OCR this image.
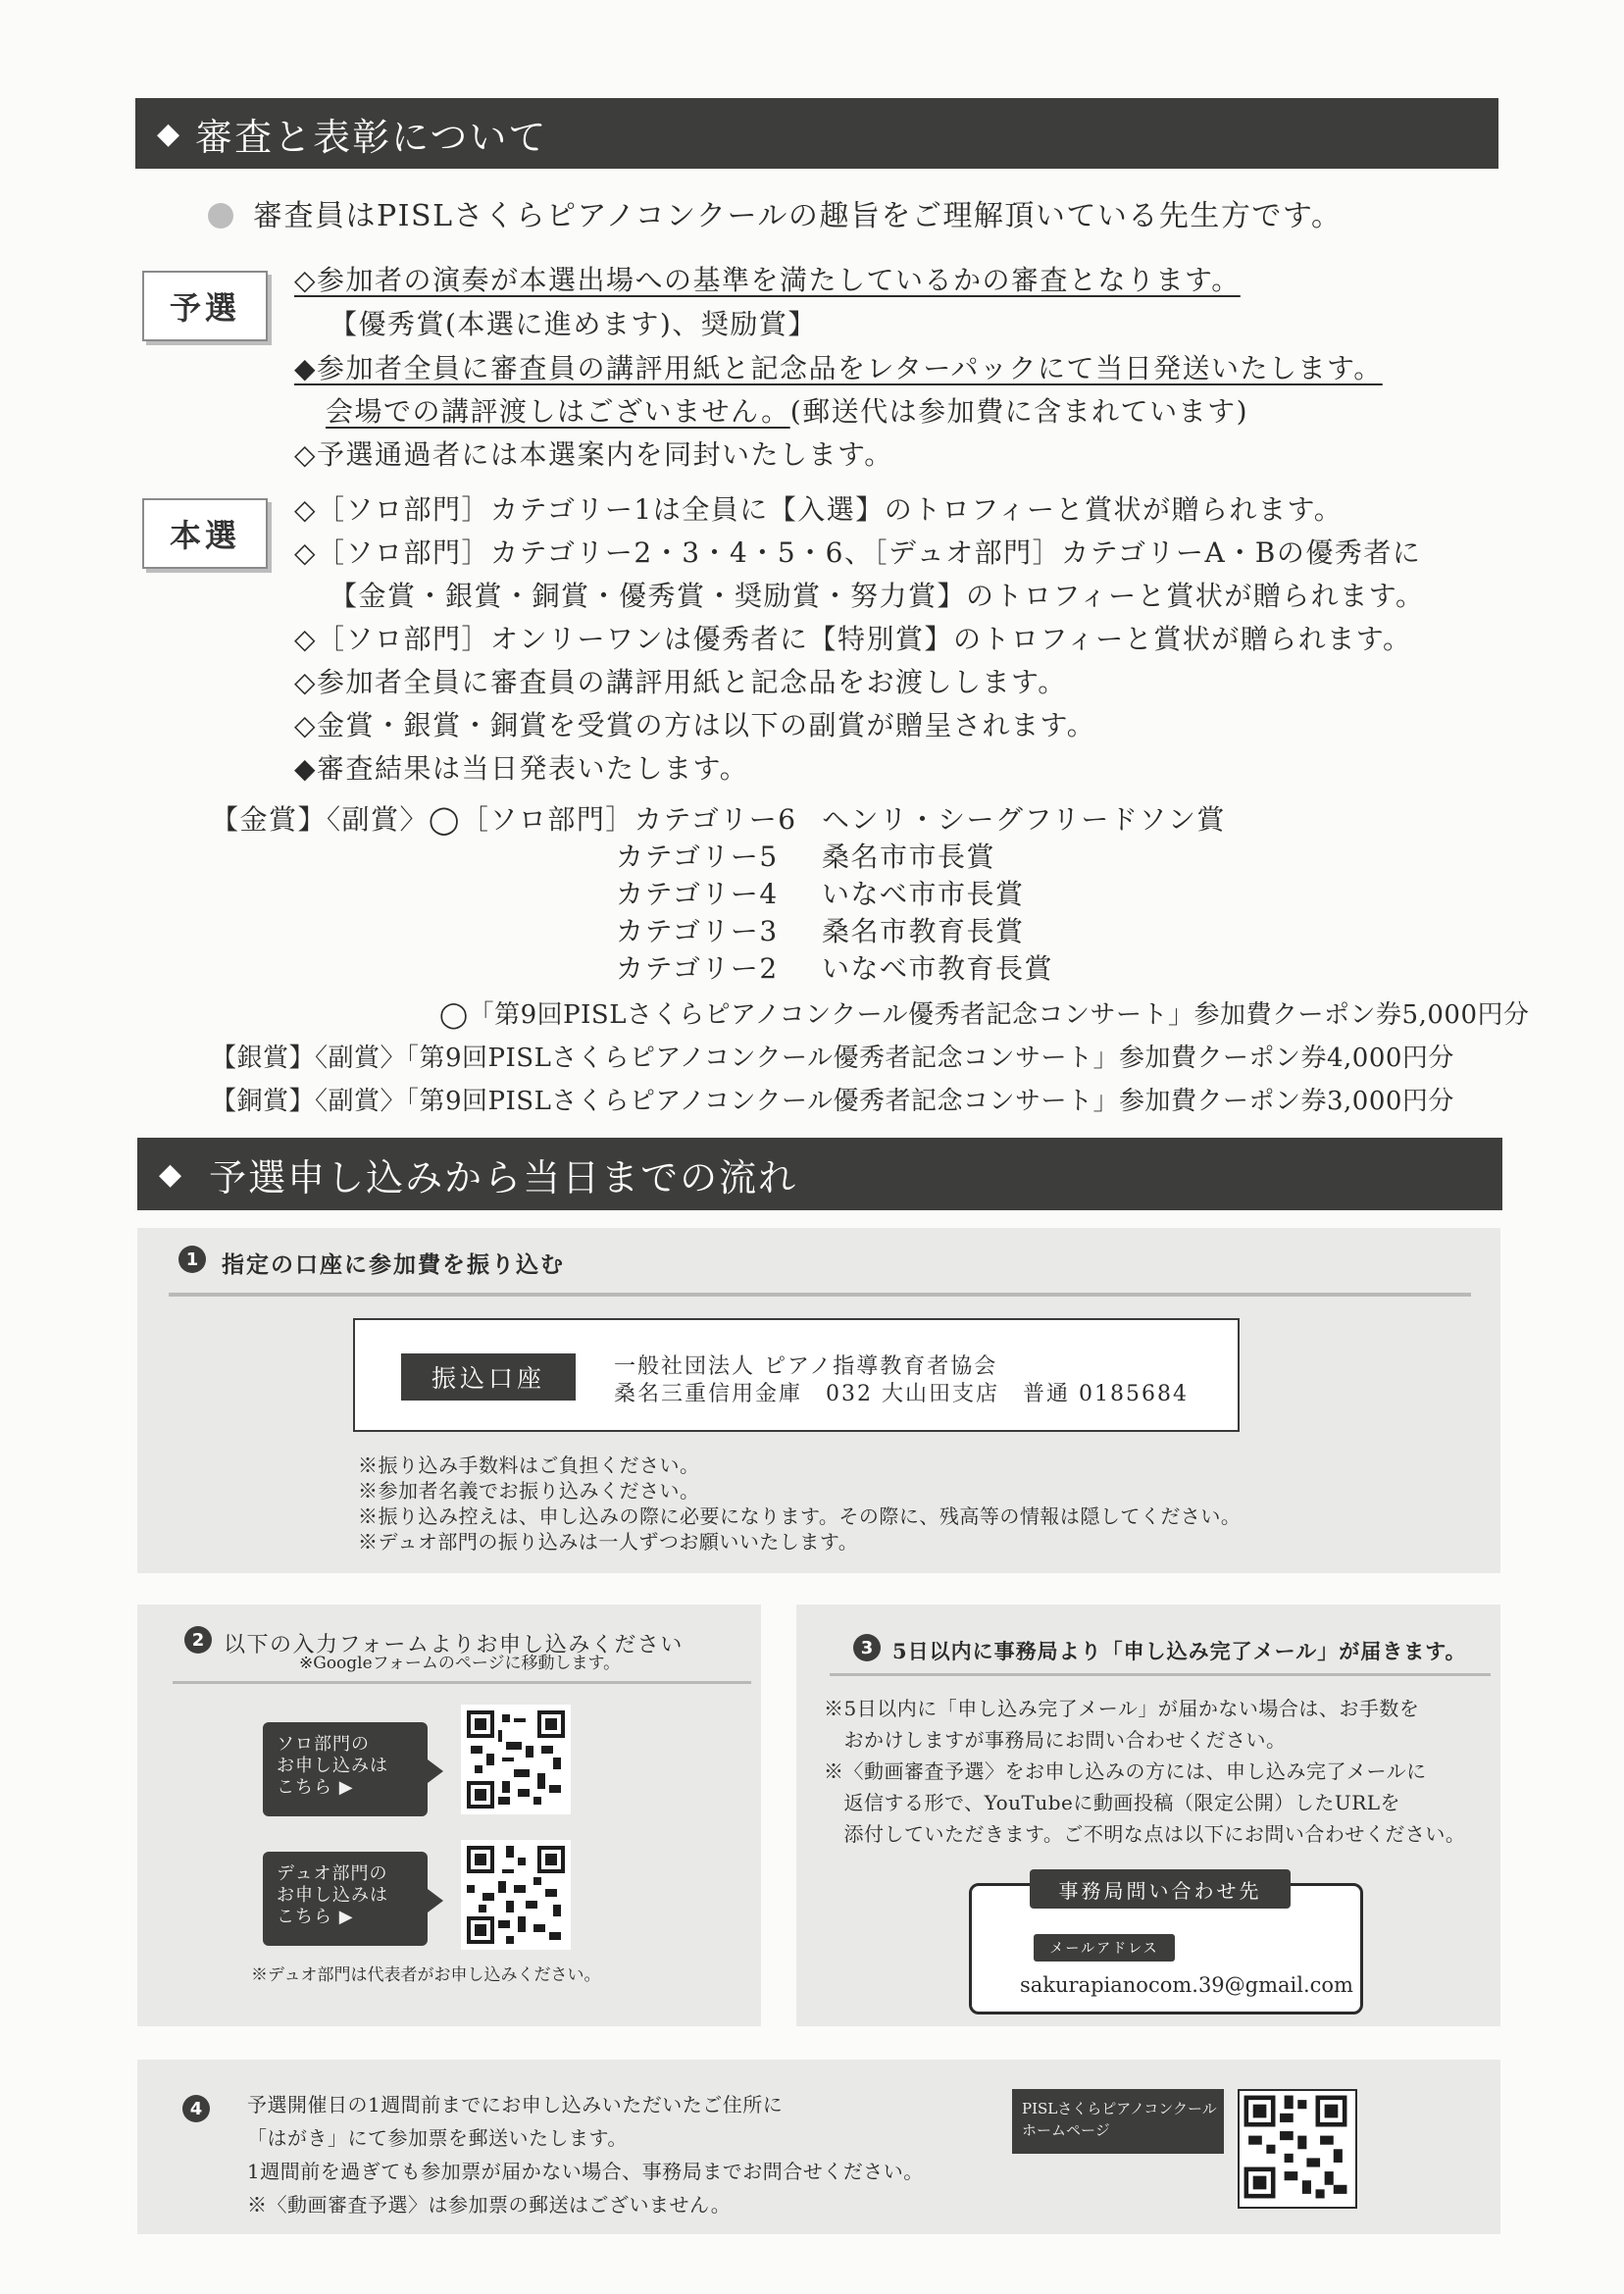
◆ 審査と表彰について
審査員はPISLさくらピアノコンクールの趣旨をご理解頂いている先生方です。
予選
◇参加者の演奏が本選出場への基準を満たしているかの審査となります。
【優秀賞(本選に進めます)、奨励賞】
◆参加者全員に審査員の講評用紙と記念品をレターパックにて当日発送いたします。
会場での講評渡しはございません。(郵送代は参加費に含まれています)
◇予選通過者には本選案内を同封いたします。
本選
◇［ソロ部門］カテゴリー1は全員に【入選】のトロフィーと賞状が贈られます。
◇［ソロ部門］カテゴリー2・3・4・5・6、［デュオ部門］カテゴリーA・Bの優秀者に
【金賞・銀賞・銅賞・優秀賞・奨励賞・努力賞】のトロフィーと賞状が贈られます。
◇［ソロ部門］オンリーワンは優秀者に【特別賞】のトロフィーと賞状が贈られます。
◇参加者全員に審査員の講評用紙と記念品をお渡しします。
◇金賞・銀賞・銅賞を受賞の方は以下の副賞が贈呈されます。
◆審査結果は当日発表いたします。
【金賞】〈副賞〉◯［ソロ部門］カテゴリー6 ヘンリ・シーグフリードソン賞
カテゴリー5 桑名市市長賞
カテゴリー4 いなべ市市長賞
カテゴリー3 桑名市教育長賞
カテゴリー2 いなべ市教育長賞
◯「第9回PISLさくらピアノコンクール優秀者記念コンサート」参加費クーポン券5,000円分
【銀賞】〈副賞〉「第9回PISLさくらピアノコンクール優秀者記念コンサート」参加費クーポン券4,000円分
【銅賞】〈副賞〉「第9回PISLさくらピアノコンクール優秀者記念コンサート」参加費クーポン券3,000円分
◆ 予選申し込みから当日までの流れ
1	指定の口座に参加費を振り込む
振込口座	一般社団法人 ピアノ指導教育者協会
桑名三重信用金庫　032 大山田支店　普通 0185684
※振り込み手数料はご負担ください。
※参加者名義でお振り込みください。
※振り込み控えは、申し込みの際に必要になります。その際に、残高等の情報は隠してください。
※デュオ部門の振り込みは一人ずつお願いいたします。
2 以下の入力フォームよりお申し込みください
※Googleフォームのページに移動します。
ソロ部門の
お申し込みは
こちら ▶
デュオ部門の
お申し込みは
こちら ▶
※デュオ部門は代表者がお申し込みください。
3 5日以内に事務局より「申し込み完了メール」が届きます。
※5日以内に「申し込み完了メール」が届かない場合は、お手数を
　おかけしますが事務局にお問い合わせください。
※〈動画審査予選〉をお申し込みの方には、申し込み完了メールに
　返信する形で、YouTubeに動画投稿（限定公開）したURLを
　添付していただきます。ご不明な点は以下にお問い合わせください。
事務局問い合わせ先
メールアドレス
sakurapianocom.39@gmail.com
4	予選開催日の1週間前までにお申し込みいただいたご住所に
「はがき」にて参加票を郵送いたします。
1週間前を過ぎても参加票が届かない場合、事務局までお問合せください。
※〈動画審査予選〉は参加票の郵送はございません。
PISLさくらピアノコンクール
ホームページ
